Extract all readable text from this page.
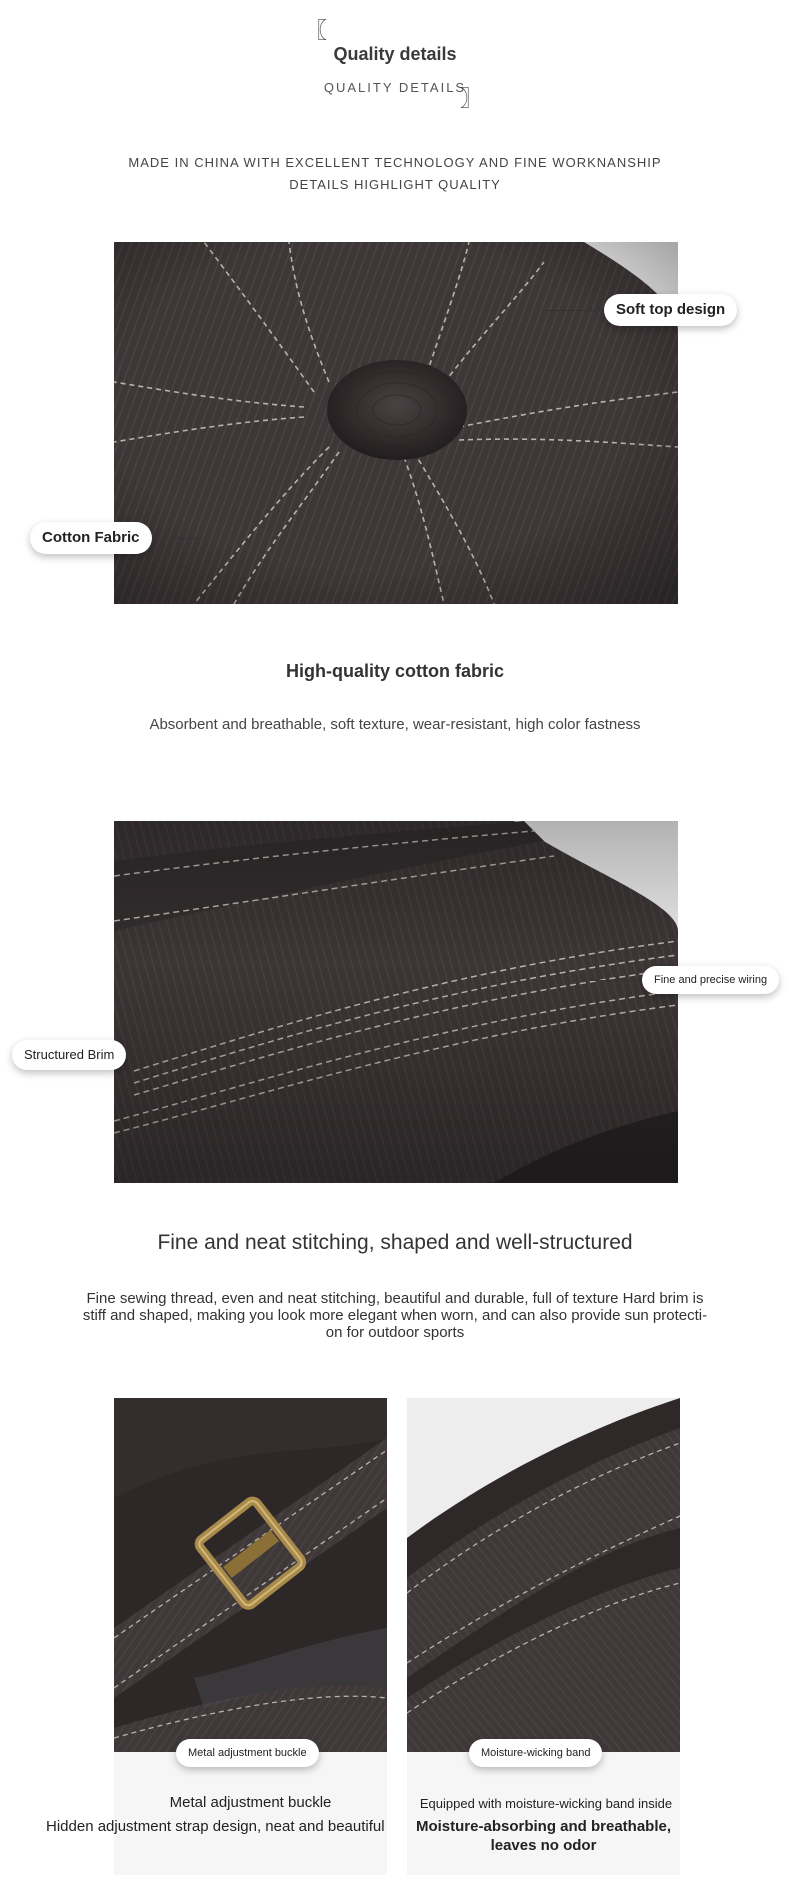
〖
Quality details
QUALITY DETAILS
〗
MADE IN CHINA WITH EXCELLENT TECHNOLOGY AND FINE WORKNANSHIP
DETAILS HIGHLIGHT QUALITY
Soft top design
Cotton Fabric
High-quality cotton fabric
Absorbent and breathable, soft texture, wear-resistant, high color fastness
Fine and precise wiring
Structured Brim
Fine and neat stitching, shaped and well-structured
Fine sewing thread, even and neat stitching, beautiful and durable, full of texture Hard brim is
stiff and shaped, making you look more elegant when worn, and can also provide sun protecti-
on for outdoor sports
Metal adjustment buckle
Metal adjustment buckle
Hidden adjustment strap design, neat and beautiful
Moisture-wicking band
Equipped with moisture-wicking band inside
Moisture-absorbing and breathable,
leaves no odor
